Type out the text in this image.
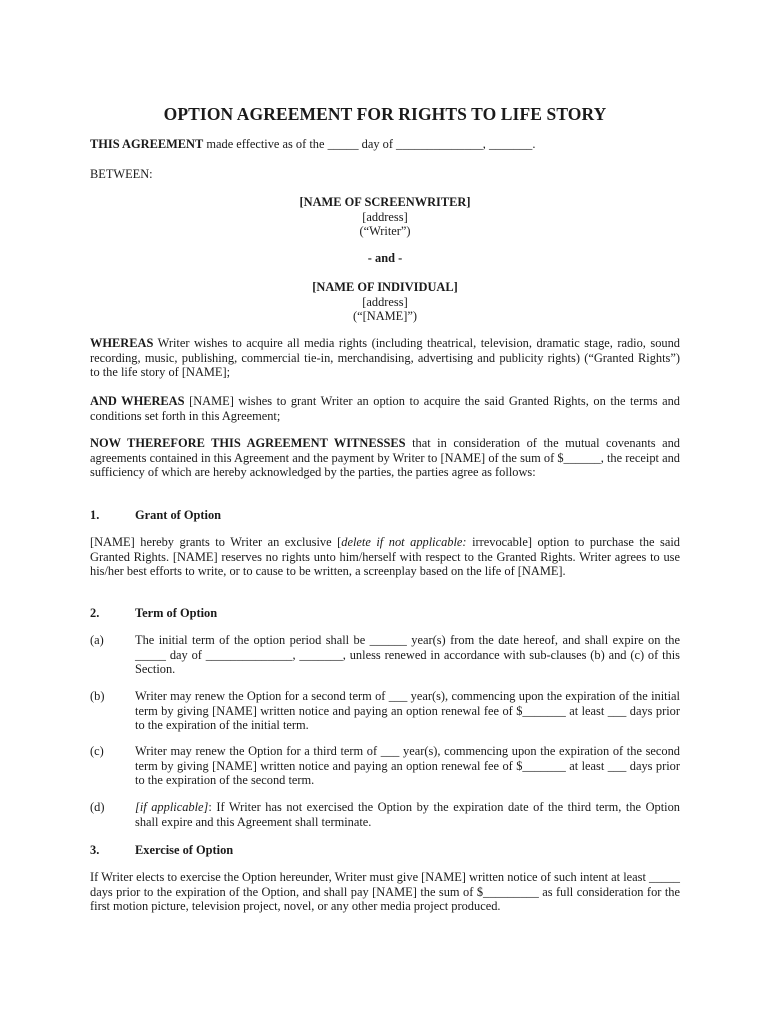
OPTION AGREEMENT FOR RIGHTS TO LIFE STORY
THIS AGREEMENT made effective as of the _____ day of ______________, _______.
BETWEEN:
[NAME OF SCREENWRITER]
[address]
(“Writer”)
- and -
[NAME OF INDIVIDUAL]
[address]
(“[NAME]”)
WHEREAS Writer wishes to acquire all media rights (including theatrical, television, dramatic stage, radio, sound recording, music, publishing, commercial tie-in, merchandising, advertising and publicity rights) (“Granted Rights”) to the life story of [NAME];
AND WHEREAS [NAME] wishes to grant Writer an option to acquire the said Granted Rights, on the terms and conditions set forth in this Agreement;
NOW THEREFORE THIS AGREEMENT WITNESSES that in consideration of the mutual covenants and agreements contained in this Agreement and the payment by Writer to [NAME] of the sum of $______, the receipt and sufficiency of which are hereby acknowledged by the parties, the parties agree as follows:
1.	Grant of Option
[NAME] hereby grants to Writer an exclusive [delete if not applicable: irrevocable] option to purchase the said Granted Rights. [NAME] reserves no rights unto him/herself with respect to the Granted Rights. Writer agrees to use his/her best efforts to write, or to cause to be written, a screenplay based on the life of [NAME].
2.	Term of Option
(a)	The initial term of the option period shall be ______ year(s) from the date hereof, and shall expire on the _____ day of ______________, _______, unless renewed in accordance with sub-clauses (b) and (c) of this Section.
(b) Writer may renew the Option for a second term of ___ year(s), commencing upon the expiration of the initial term by giving [NAME] written notice and paying an option renewal fee of $_______ at least ___ days prior to the expiration of the initial term.
(c)	Writer may renew the Option for a third term of ___ year(s), commencing upon the expiration of the second term by giving [NAME] written notice and paying an option renewal fee of $_______ at least ___ days prior to the expiration of the second term.
(d) [if applicable]: If Writer has not exercised the Option by the expiration date of the third term, the Option shall expire and this Agreement shall terminate.
3.	Exercise of Option
If Writer elects to exercise the Option hereunder, Writer must give [NAME] written notice of such intent at least _____ days prior to the expiration of the Option, and shall pay [NAME] the sum of $_________ as full consideration for the first motion picture, television project, novel, or any other media project produced.
